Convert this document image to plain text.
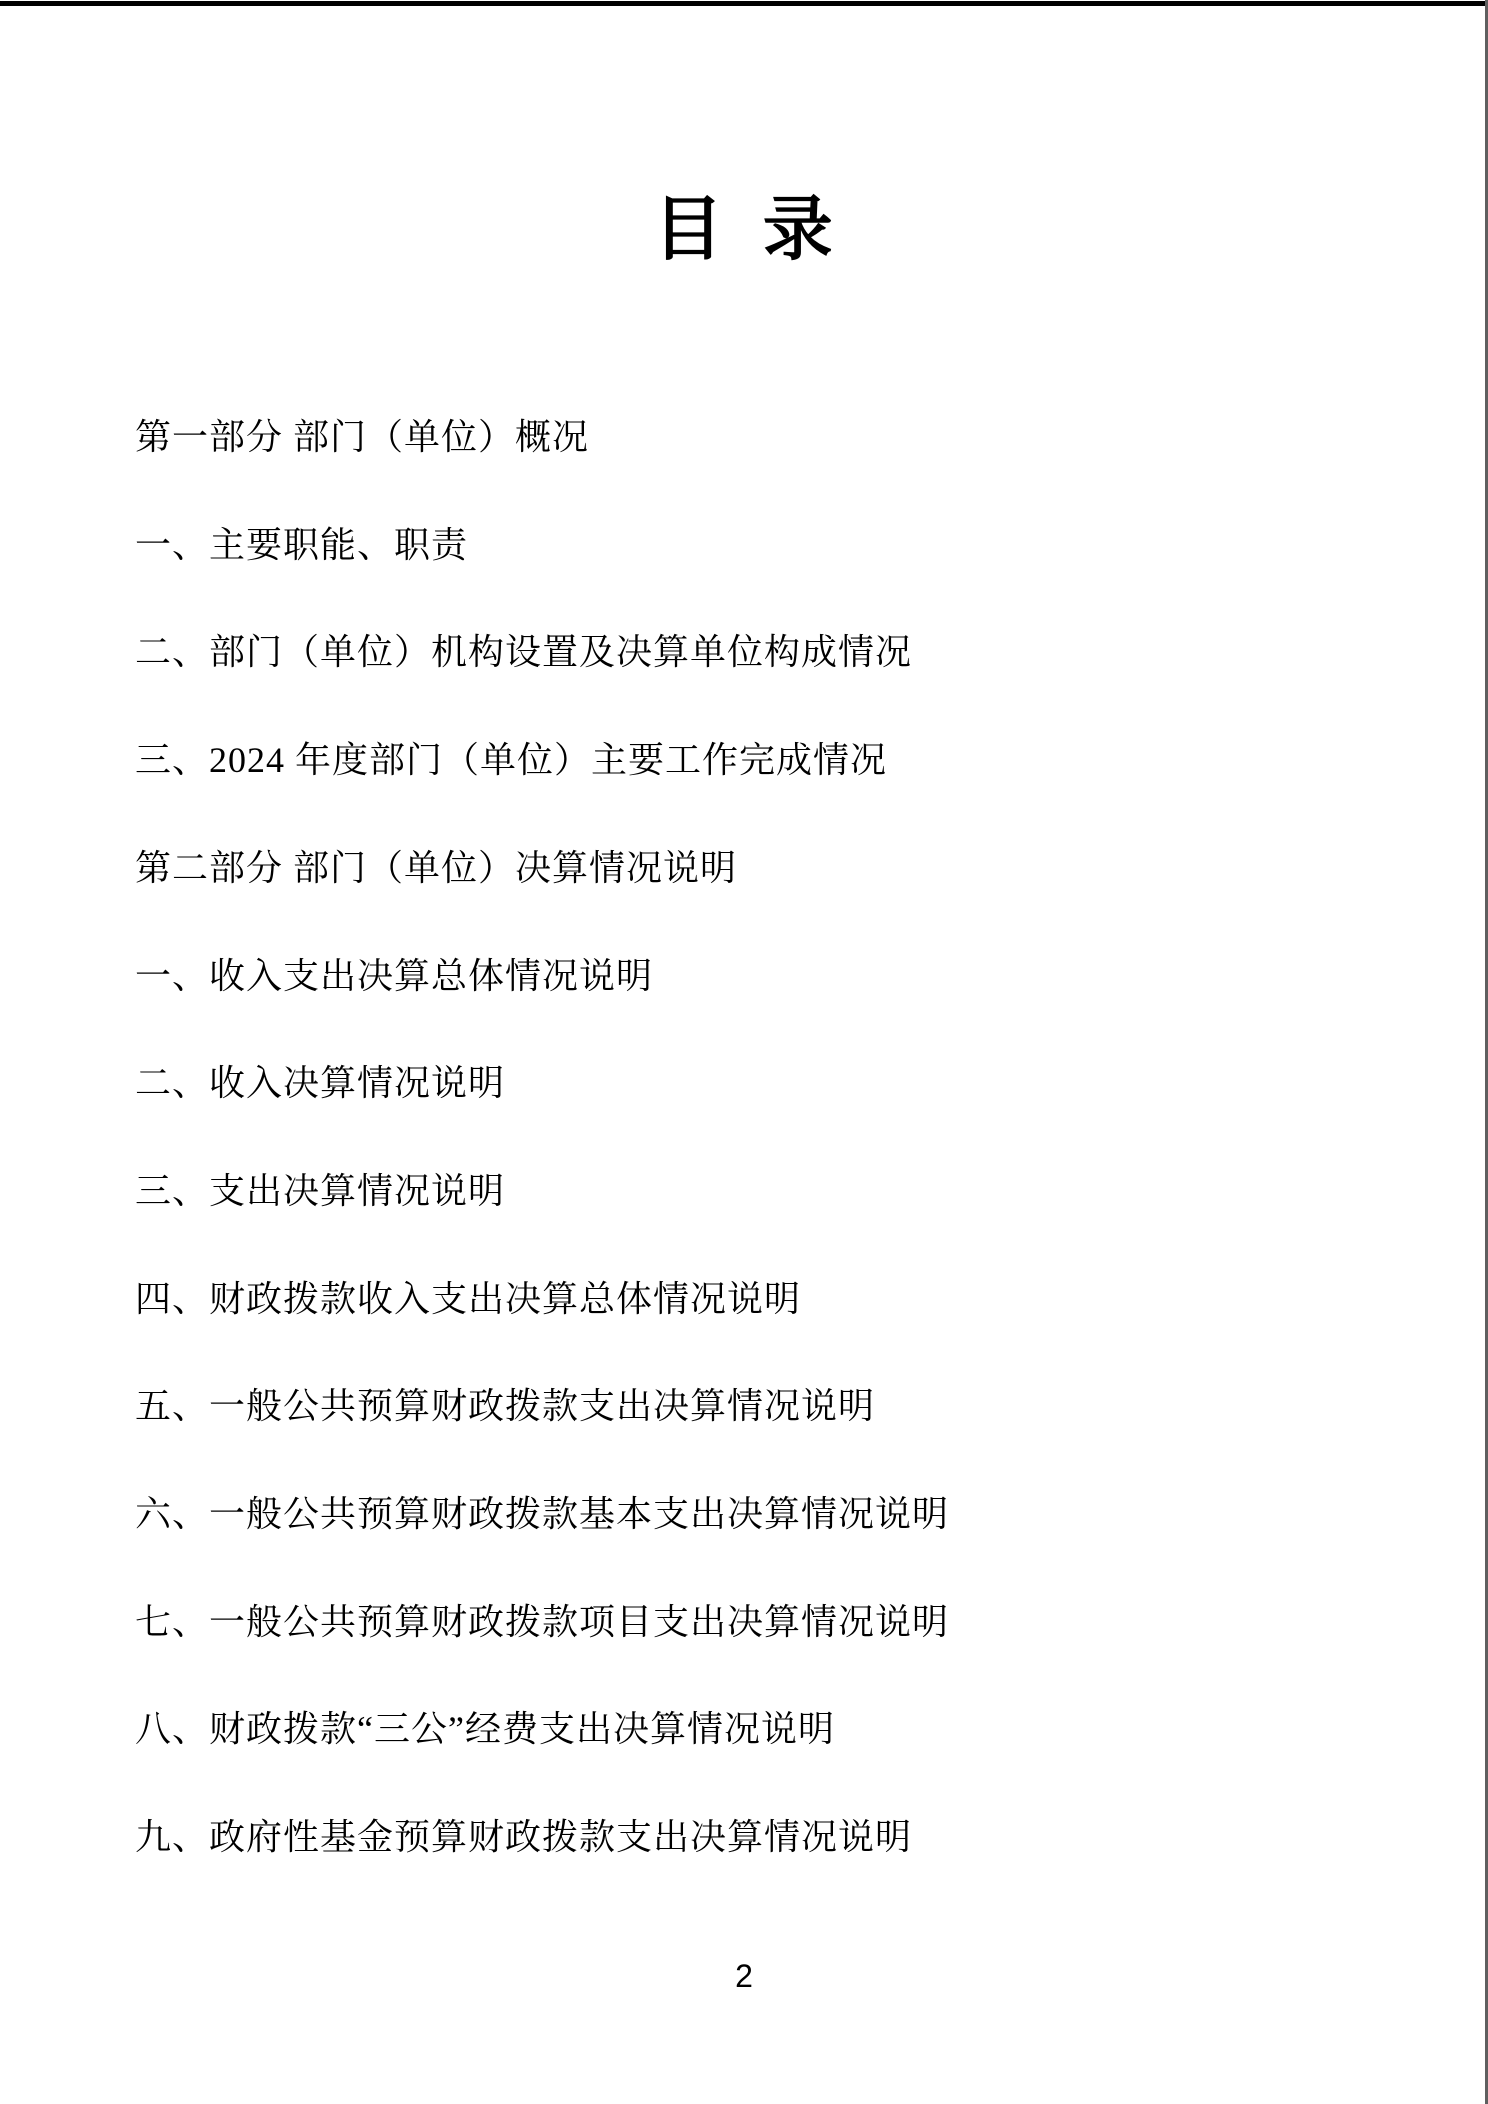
目 录
第一部分 部门（单位）概况
一、主要职能、职责
二、部门（单位）机构设置及决算单位构成情况
三、2024 年度部门（单位）主要工作完成情况
第二部分 部门（单位）决算情况说明
一、收入支出决算总体情况说明
二、收入决算情况说明
三、支出决算情况说明
四、财政拨款收入支出决算总体情况说明
五、一般公共预算财政拨款支出决算情况说明
六、一般公共预算财政拨款基本支出决算情况说明
七、一般公共预算财政拨款项目支出决算情况说明
八、财政拨款“三公”经费支出决算情况说明
九、政府性基金预算财政拨款支出决算情况说明
2
